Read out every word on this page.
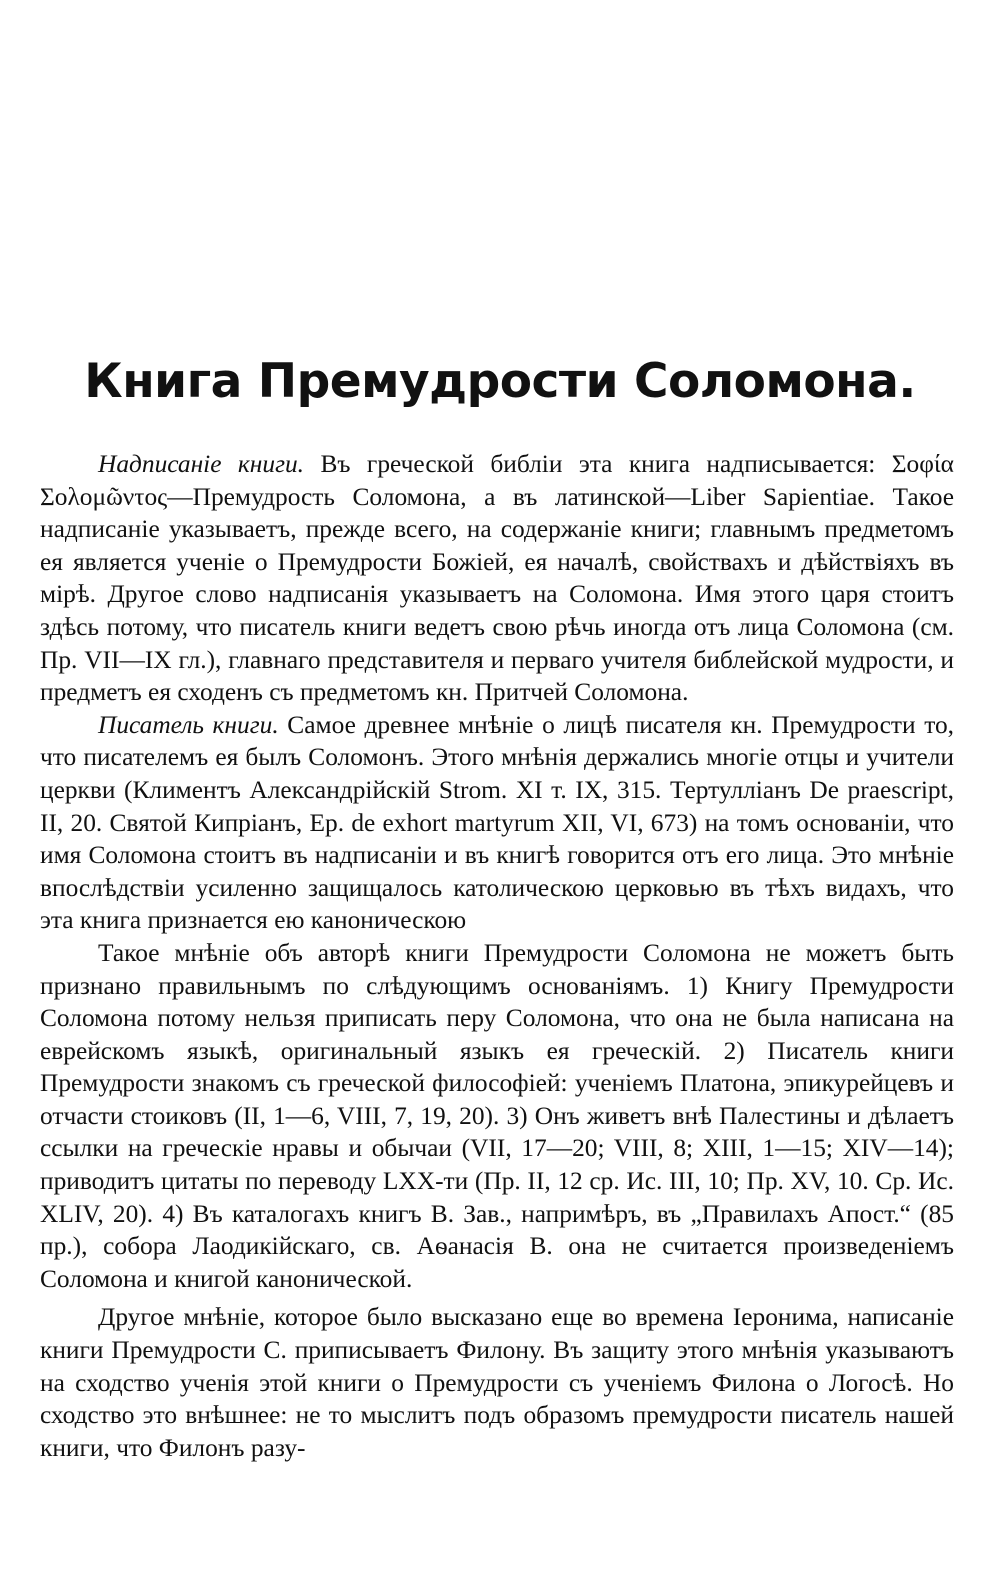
Книга Премудрости Соломона.

Надписаніе книги. Въ греческой библіи эта книга надписывается: Σοφία Σολομῶντος—Премудрость Соломона, а въ латинской—Liber Sapientiae. Такое надписаніе указываетъ, прежде всего, на содержаніе книги; главнымъ предметомъ ея является ученіе о Премудрости Божіей, ея началѣ, свойствахъ и дѣйствіяхъ въ мірѣ. Другое слово надписанія указываетъ на Соломона. Имя этого царя стоитъ здѣсь потому, что писатель книги ведетъ свою рѣчь иногда отъ лица Соломона (см. Пр. VII—IX гл.), главнаго представителя и перваго учителя библейской мудрости, и предметъ ея сходенъ съ предметомъ кн. Притчей Соломона.

Писатель книги. Самое древнее мнѣніе о лицѣ писателя кн. Премудрости то, что писателемъ ея былъ Соломонъ. Этого мнѣнія держались многіе отцы и учители церкви (Климентъ Александрійскій Strom. XI т. IX, 315. Тертулліанъ De praescript, II, 20. Святой Кипріанъ, Ep. de exhort martyrum XII, VI, 673) на томъ основаніи, что имя Соломона стоитъ въ надписаніи и въ книгѣ говорится отъ его лица. Это мнѣніе впослѣдствіи усиленно защищалось католическою церковью въ тѣхъ видахъ, что эта книга признается ею каноническою

Такое мнѣніе объ авторѣ книги Премудрости Соломона не можетъ быть признано правильнымъ по слѣдующимъ основаніямъ. 1) Книгу Премудрости Соломона потому нельзя приписать перу Соломона, что она не была написана на еврейскомъ языкѣ, оригинальный языкъ ея греческій. 2) Писатель книги Премудрости знакомъ съ греческой философіей: ученіемъ Платона, эпикурейцевъ и отчасти стоиковъ (II, 1—6, VIII, 7, 19, 20). 3) Онъ живетъ внѣ Палестины и дѣлаетъ ссылки на греческіе нравы и обычаи (VII, 17—20; VIII, 8; XIII, 1—15; XIV—14); приводитъ цитаты по переводу LXX-ти (Пр. II, 12 ср. Ис. III, 10; Пр. XV, 10. Ср. Ис. XLIV, 20). 4) Въ каталогахъ книгъ В. Зав., напримѣръ, въ „Правилахъ Апост.“ (85 пр.), собора Лаодикійскаго, св. Аѳанасія В. она не считается произведеніемъ Соломона и книгой канонической.

Другое мнѣніе, которое было высказано еще во времена Іеронима, написаніе книги Премудрости С. приписываетъ Филону. Въ защиту этого мнѣнія указываютъ на сходство ученія этой книги о Премудрости съ ученіемъ Филона о Логосѣ. Но сходство это внѣшнее: не то мыслитъ подъ образомъ премудрости писатель нашей книги, что Филонъ разу-
